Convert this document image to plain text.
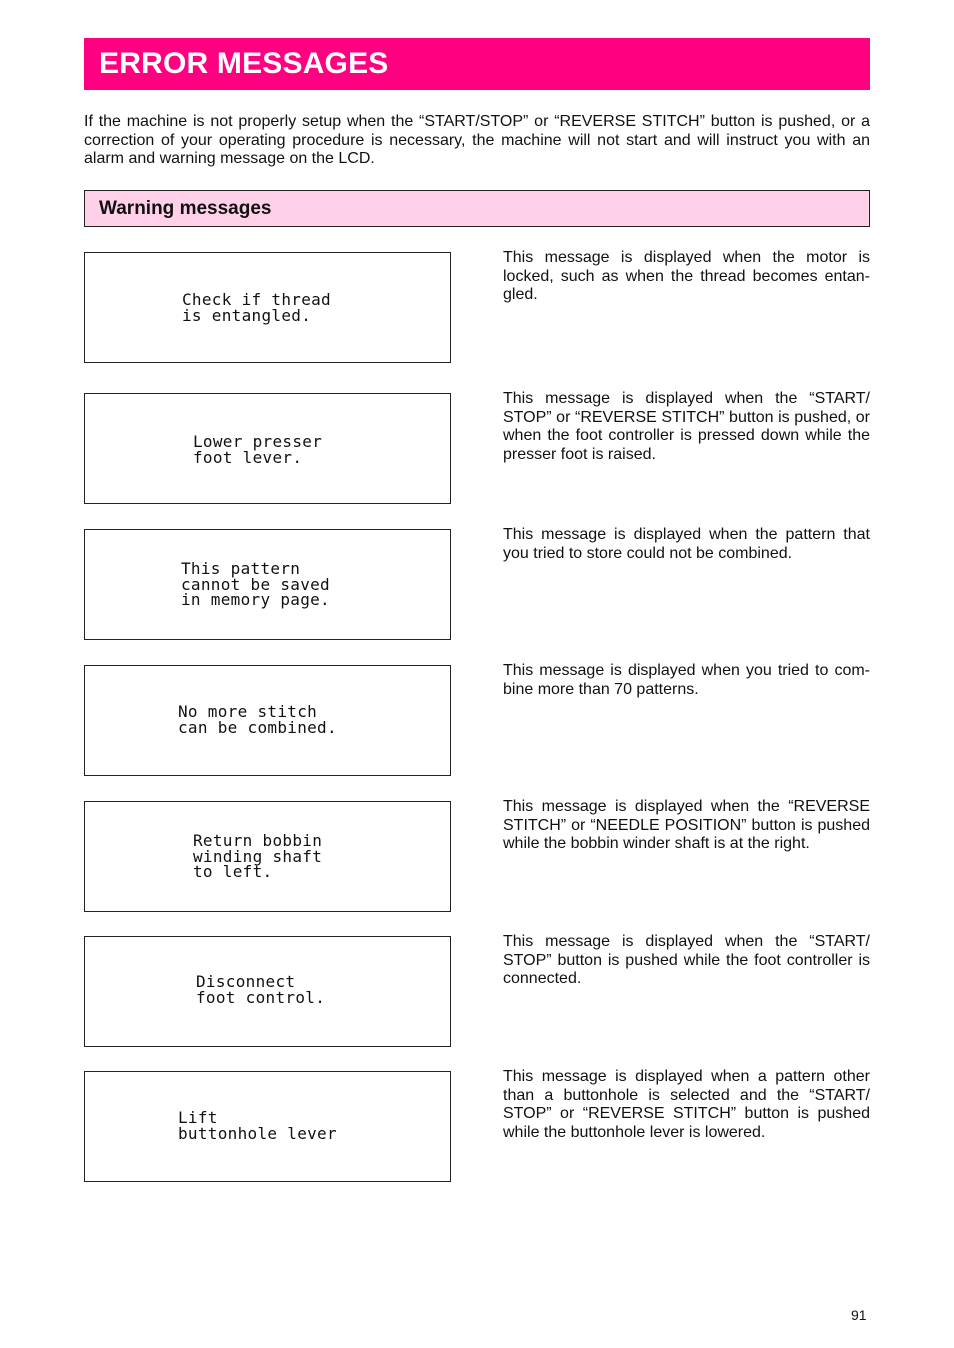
ERROR MESSAGES

If the machine is not properly setup when the “START/STOP” or “REVERSE STITCH” button is pushed, or a correction of your operating procedure is necessary, the machine will not start and will instruct you with an alarm and warning message on the LCD.

Warning messages
Check if thread
is entangled.

This message is displayed when the motor is locked, such as when the thread becomes entan-gled.

Lower presser
foot lever.

This message is displayed when the “START/ STOP” or “REVERSE STITCH” button is pushed, or when the foot controller is pressed down while the presser foot is raised.

This pattern
cannot be saved
in memory page.

This message is displayed when the pattern that you tried to store could not be combined.

No more stitch
can be combined.

This message is displayed when you tried to com-bine more than 70 patterns.

Return bobbin
winding shaft
to left.

This message is displayed when the “REVERSE STITCH” or “NEEDLE POSITION” button is pushed while the bobbin winder shaft is at the right.

Disconnect
foot control.

This message is displayed when the “START/ STOP” button is pushed while the foot controller is connected.

Lift
buttonhole lever

This message is displayed when a pattern other than a buttonhole is selected and the “START/ STOP” or “REVERSE STITCH” button is pushed while the buttonhole lever is lowered.

91
